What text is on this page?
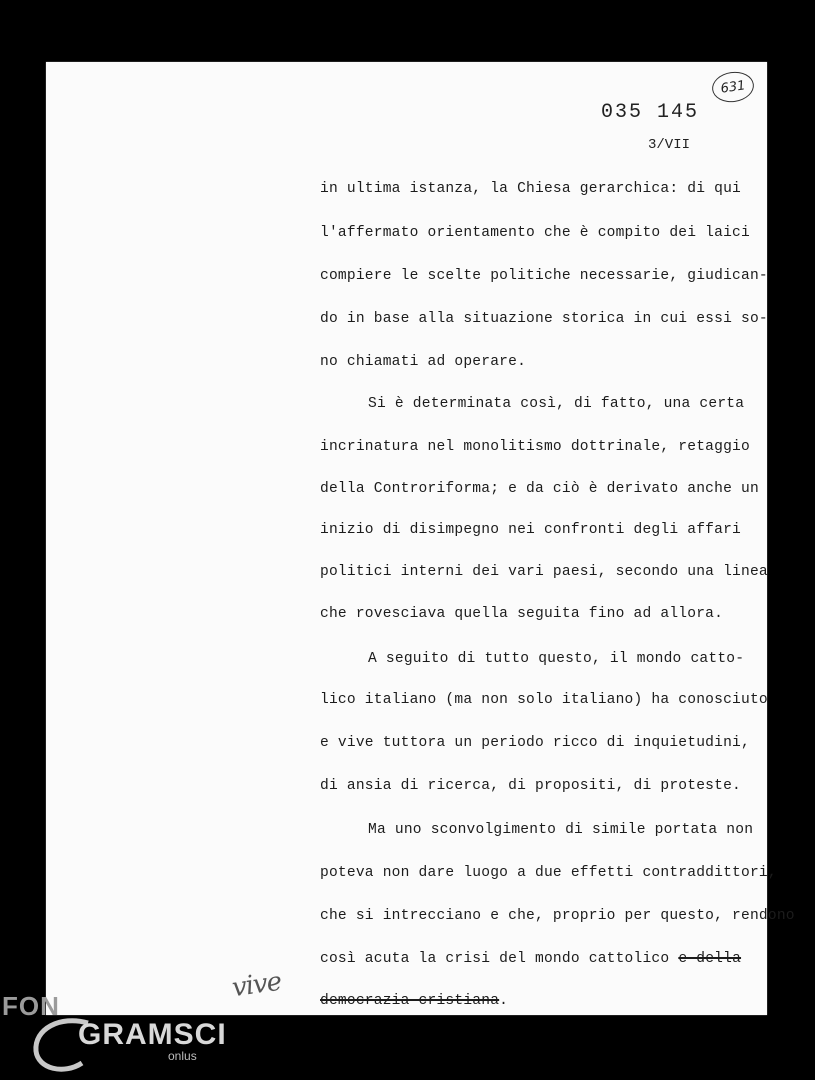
035 145
631
3/VII
in ultima istanza, la Chiesa gerarchica: di qui
l'affermato orientamento che è compito dei laici
compiere le scelte politiche necessarie, giudican-
do in base alla situazione storica in cui essi so-
no chiamati ad operare.
Si è determinata così, di fatto, una certa
incrinatura nel monolitismo dottrinale, retaggio
della Controriforma; e da ciò è derivato anche un
inizio di disimpegno nei confronti degli affari
politici interni dei vari paesi, secondo una linea
che rovesciava quella seguita fino ad allora.
A seguito di tutto questo, il mondo catto-
lico italiano (ma non solo italiano) ha conosciuto
e vive tuttora un periodo ricco di inquietudini,
di ansia di ricerca, di propositi, di proteste.
Ma uno sconvolgimento di simile portata non
poteva non dare luogo a due effetti contraddittori,
che si intrecciano e che, proprio per questo, rendono
così acuta la crisi del mondo cattolico e della
democrazia cristiana.
vive
FON
GRAMSCI
onlus
